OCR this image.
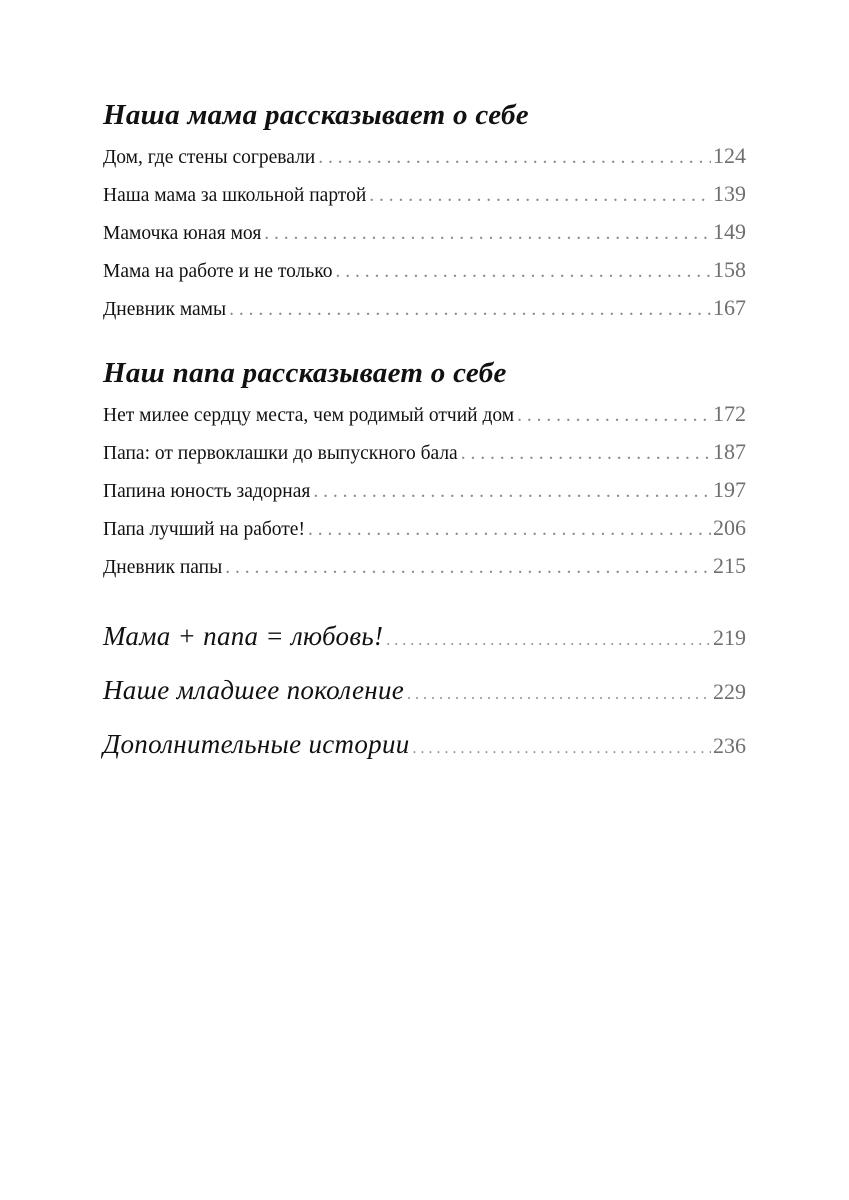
Наша мама рассказывает о себе
Дом, где стены согревали . . .	124
Наша мама за школьной партой . . .	139
Мамочка юная моя . . .	149
Мама на работе и не только . . .	158
Дневник мамы . . .	167
Наш папа рассказывает о себе
Нет милее сердцу места, чем родимый отчий дом . . .	172
Папа: от первоклашки до выпускного бала . . .	187
Папина юность задорная . . .	197
Папа лучший на работе! . . .	206
Дневник папы . . .	215
Мама + папа = любовь! . . .	219
Наше младшее поколение . . .	229
Дополнительные истории . . .	236
